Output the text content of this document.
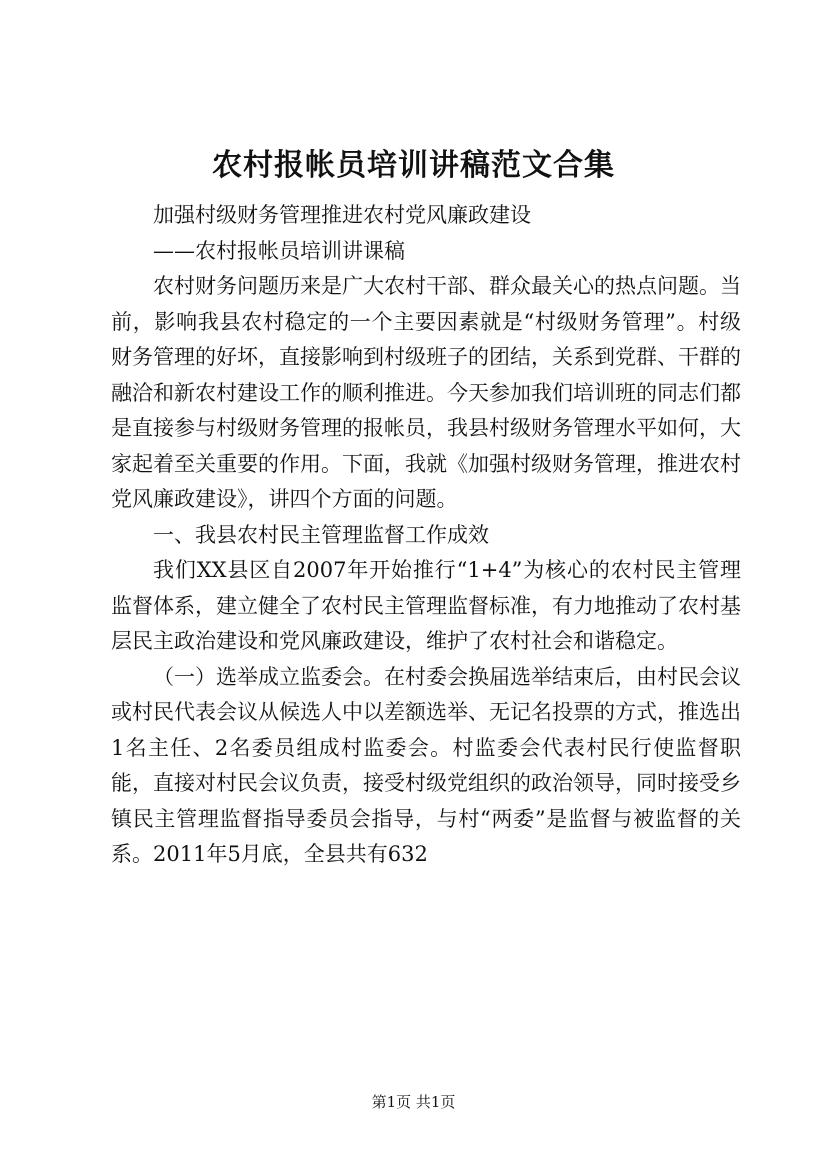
农村报帐员培训讲稿范文合集

加强村级财务管理推进农村党风廉政建设

——农村报帐员培训讲课稿

农村财务问题历来是广大农村干部、群众最关心的热点问题。当前，影响我县农村稳定的一个主要因素就是“村级财务管理”。村级财务管理的好坏，直接影响到村级班子的团结，关系到党群、干群的融洽和新农村建设工作的顺利推进。今天参加我们培训班的同志们都是直接参与村级财务管理的报帐员，我县村级财务管理水平如何，大家起着至关重要的作用。下面，我就《加强村级财务管理，推进农村党风廉政建设》，讲四个方面的问题。

一、我县农村民主管理监督工作成效

我们XX县区自2007年开始推行“1+4”为核心的农村民主管理监督体系，建立健全了农村民主管理监督标准，有力地推动了农村基层民主政治建设和党风廉政建设，维护了农村社会和谐稳定。

（一）选举成立监委会。在村委会换届选举结束后，由村民会议或村民代表会议从候选人中以差额选举、无记名投票的方式，推选出1名主任、2名委员组成村监委会。村监委会代表村民行使监督职能，直接对村民会议负责，接受村级党组织的政治领导，同时接受乡镇民主管理监督指导委员会指导，与村“两委”是监督与被监督的关系。2011年5月底，全县共有632

第1页 共1页
